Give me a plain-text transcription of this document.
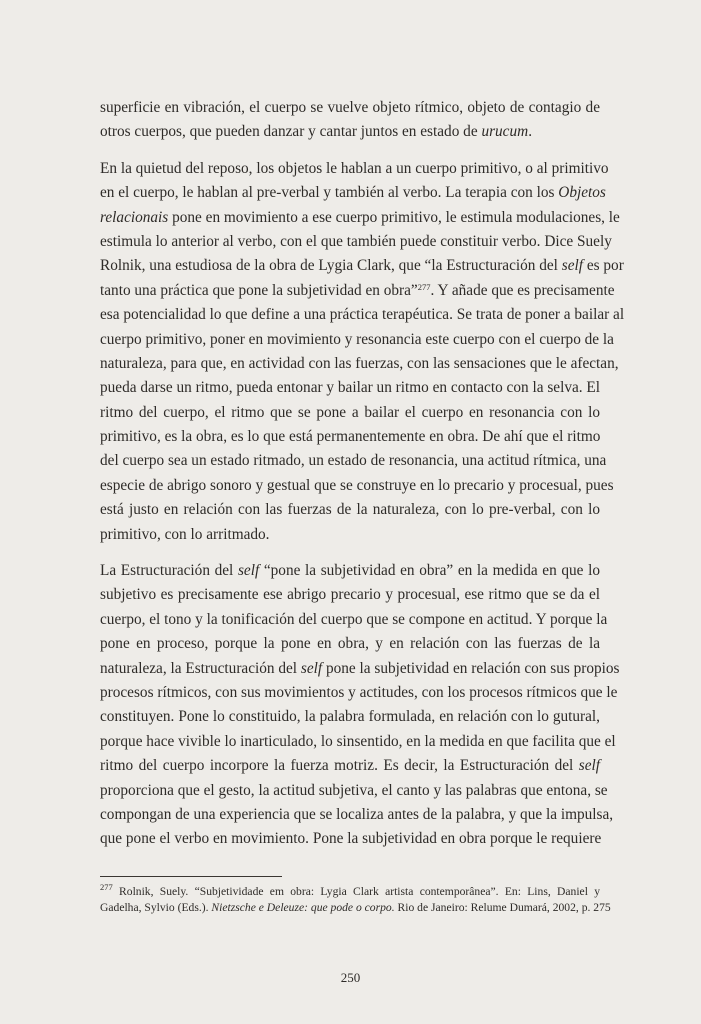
superficie en vibración, el cuerpo se vuelve objeto rítmico, objeto de contagio de
otros cuerpos, que pueden danzar y cantar juntos en estado de urucum.
En la quietud del reposo, los objetos le hablan a un cuerpo primitivo, o al primitivo
en el cuerpo, le hablan al pre-verbal y también al verbo. La terapia con los Objetos
relacionais pone en movimiento a ese cuerpo primitivo, le estimula modulaciones, le
estimula lo anterior al verbo, con el que también puede constituir verbo. Dice Suely
Rolnik, una estudiosa de la obra de Lygia Clark, que “la Estructuración del self es por
tanto una práctica que pone la subjetividad en obra”$^{277}$. Y añade que es precisamente
esa potencialidad lo que define a una práctica terapéutica. Se trata de poner a bailar al
cuerpo primitivo, poner en movimiento y resonancia este cuerpo con el cuerpo de la
naturaleza, para que, en actividad con las fuerzas, con las sensaciones que le afectan,
pueda darse un ritmo, pueda entonar y bailar un ritmo en contacto con la selva. El
ritmo del cuerpo, el ritmo que se pone a bailar el cuerpo en resonancia con lo
primitivo, es la obra, es lo que está permanentemente en obra. De ahí que el ritmo
del cuerpo sea un estado ritmado, un estado de resonancia, una actitud rítmica, una
especie de abrigo sonoro y gestual que se construye en lo precario y procesual, pues
está justo en relación con las fuerzas de la naturaleza, con lo pre-verbal, con lo
primitivo, con lo arritmado.
La Estructuración del self “pone la subjetividad en obra” en la medida en que lo
subjetivo es precisamente ese abrigo precario y procesual, ese ritmo que se da el
cuerpo, el tono y la tonificación del cuerpo que se compone en actitud. Y porque la
pone en proceso, porque la pone en obra, y en relación con las fuerzas de la
naturaleza, la Estructuración del self pone la subjetividad en relación con sus propios
procesos rítmicos, con sus movimientos y actitudes, con los procesos rítmicos que le
constituyen. Pone lo constituido, la palabra formulada, en relación con lo gutural,
porque hace vivible lo inarticulado, lo sinsentido, en la medida en que facilita que el
ritmo del cuerpo incorpore la fuerza motriz. Es decir, la Estructuración del self
proporciona que el gesto, la actitud subjetiva, el canto y las palabras que entona, se
compongan de una experiencia que se localiza antes de la palabra, y que la impulsa,
que pone el verbo en movimiento. Pone la subjetividad en obra porque le requiere
$^{277}$ Rolnik, Suely. “Subjetividade em obra: Lygia Clark artista contemporânea”. En: Lins, Daniel y
Gadelha, Sylvio (Eds.). Nietzsche e Deleuze: que pode o corpo. Rio de Janeiro: Relume Dumará, 2002, p. 275
250
